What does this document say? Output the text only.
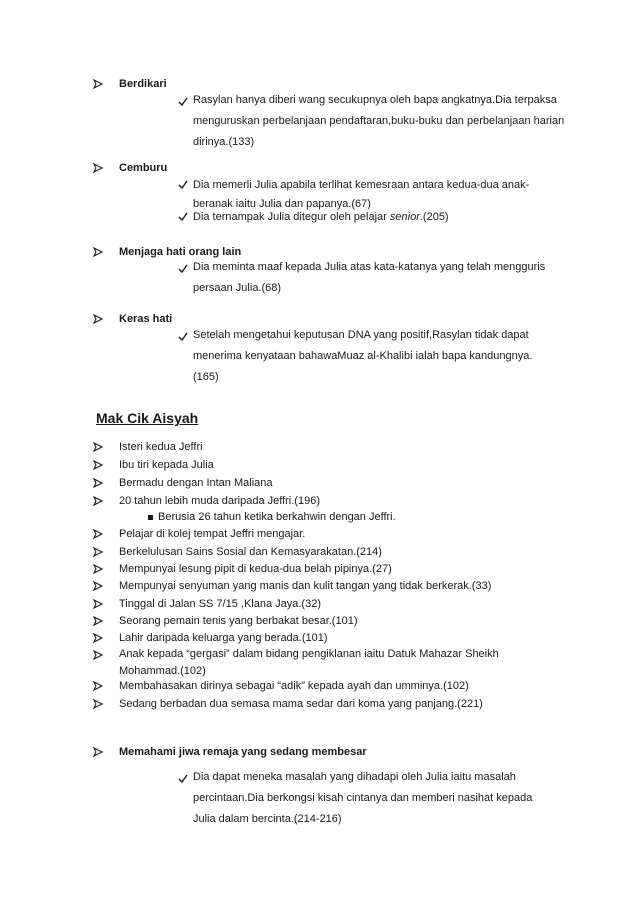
Berdikari
Rasylan hanya diberi wang secukupnya oleh bapa angkatnya.Dia terpaksa menguruskan perbelanjaan pendaftaran,buku-buku dan perbelanjaan harian dirinya.(133)
Cemburu
Dia memerli Julia apabila terlihat kemesraan antara kedua-dua anak-beranak iaitu Julia dan papanya.(67)
Dia ternampak Julia ditegur oleh pelajar senior.(205)
Menjaga hati orang lain
Dia meminta maaf kepada Julia atas kata-katanya yang telah mengguris persaan Julia.(68)
Keras hati
Setelah mengetahui keputusan DNA yang positif,Rasylan tidak dapat menerima kenyataan bahawaMuaz al-Khalibi ialah bapa kandungnya.(165)
Mak Cik Aisyah
Isteri kedua Jeffri
Ibu tiri kepada Julia
Bermadu dengan Intan Maliana
20 tahun lebih muda daripada Jeffri.(196)
Berusia 26 tahun ketika berkahwin dengan Jeffri.
Pelajar di kolej tempat Jeffri mengajar.
Berkelulusan Sains Sosial dan Kemasyarakatan.(214)
Mempunyai lesung pipit di kedua-dua belah pipinya.(27)
Mempunyai senyuman yang manis dan kulit tangan yang tidak berkerak.(33)
Tinggal di Jalan SS 7/15 ,Klana Jaya.(32)
Seorang pemain tenis yang berbakat besar.(101)
Lahir daripada keluarga yang berada.(101)
Anak kepada “gergasi” dalam bidang pengiklanan iaitu Datuk Mahazar Sheikh Mohammad.(102)
Membahasakan dirinya sebagai “adik” kepada ayah dan umminya.(102)
Sedang berbadan dua semasa mama sedar dari koma yang panjang.(221)
Memahami jiwa remaja yang sedang membesar
Dia dapat meneka masalah yang dihadapi oleh Julia iaitu masalah percintaan.Dia berkongsi kisah cintanya dan memberi nasihat kepada Julia dalam bercinta.(214-216)
